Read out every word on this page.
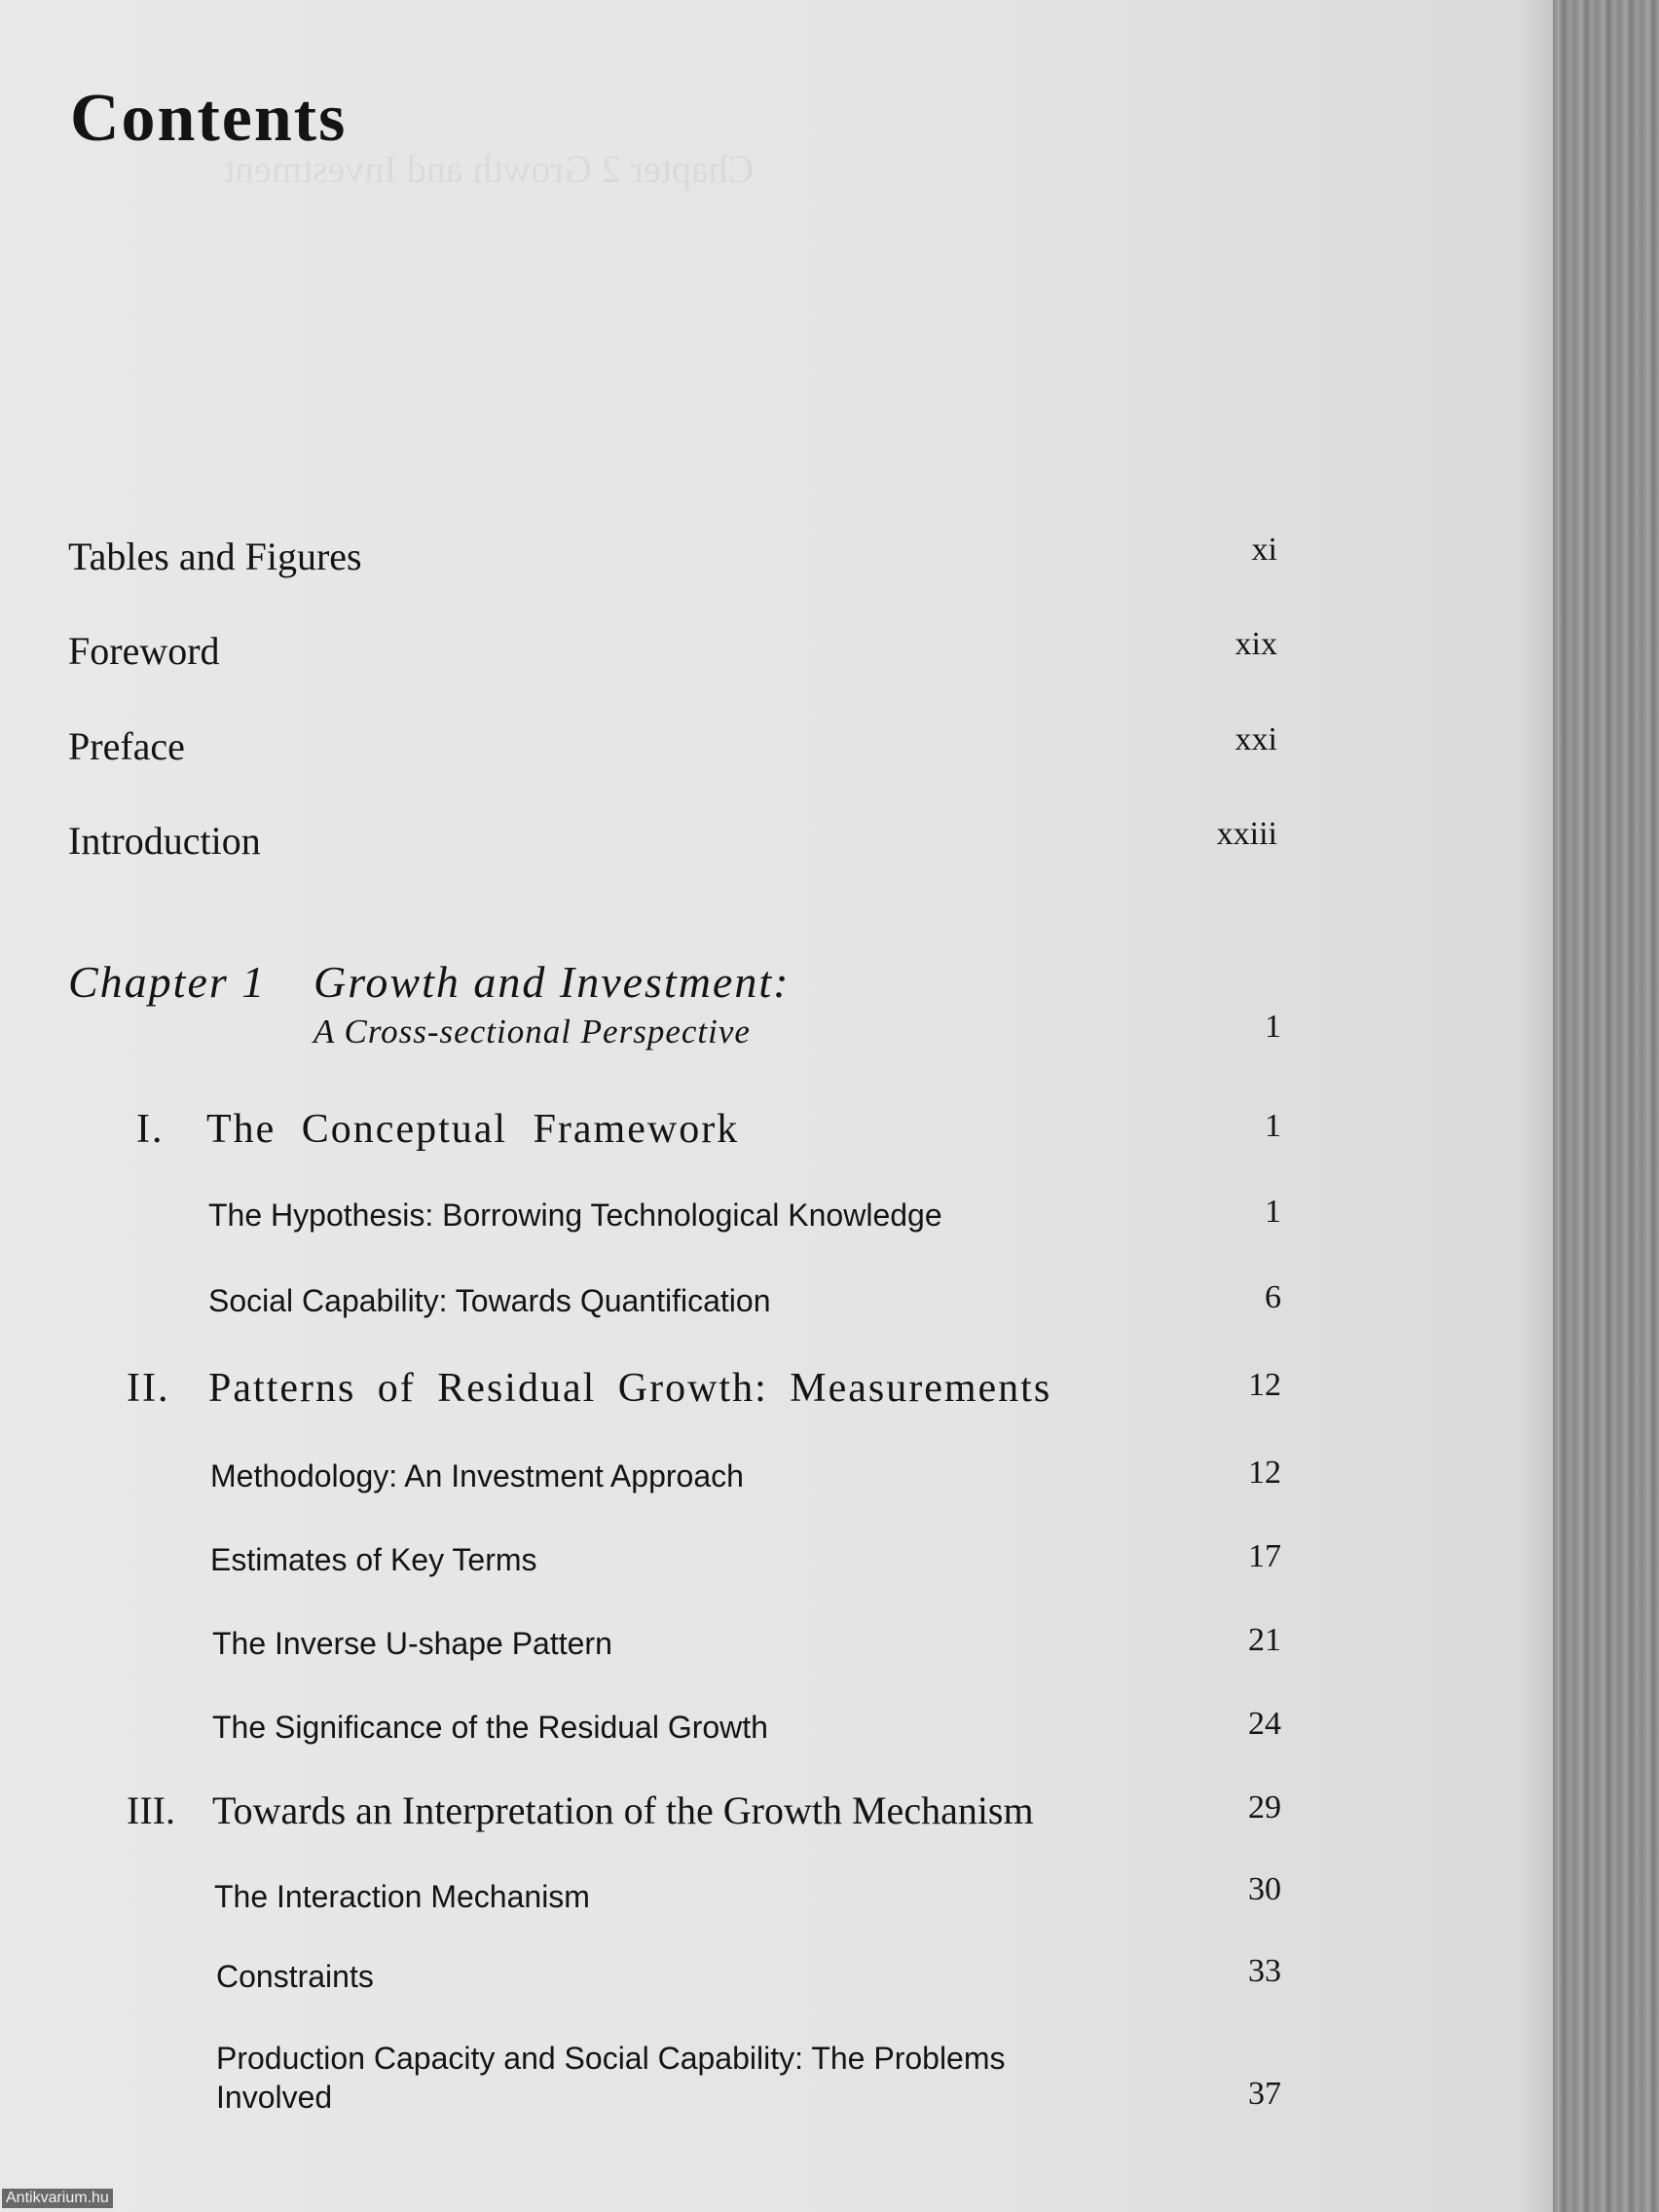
Chapter 2 Growth and Investment
Contents
Tables and Figures	xi
Foreword	xix
Preface	xxi
Introduction	xxiii
Chapter 1 Growth and Investment:
A Cross-sectional Perspective	1
I. The Conceptual Framework	1
The Hypothesis: Borrowing Technological Knowledge	1
Social Capability: Towards Quantification	6
II. Patterns of Residual Growth: Measurements	12
Methodology: An Investment Approach	12
Estimates of Key Terms	17
The Inverse U-shape Pattern	21
The Significance of the Residual Growth	24
III. Towards an Interpretation of the Growth Mechanism	29
The Interaction Mechanism	30
Constraints	33
Production Capacity and Social Capability: The Problems
Involved	37
Antikvarium.hu
